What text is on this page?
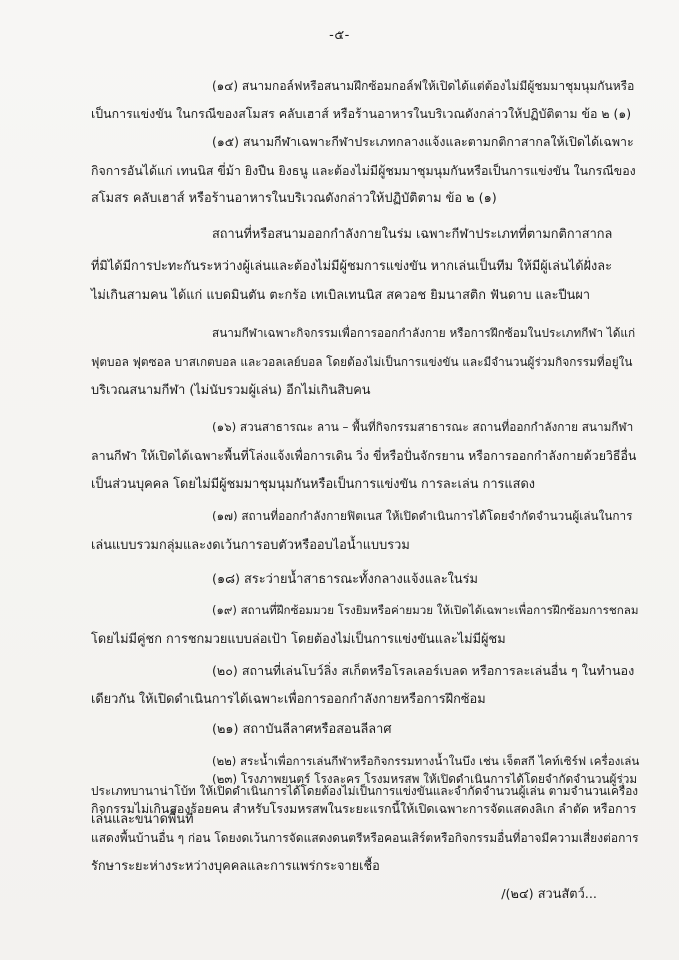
-๕-
(๑๔) สนามกอล์ฟหรือสนามฝึกซ้อมกอล์ฟให้เปิดได้แต่ต้องไม่มีผู้ชมมาชุมนุมกันหรือ
เป็นการแข่งขัน ในกรณีของสโมสร คลับเฮาส์ หรือร้านอาหารในบริเวณดังกล่าวให้ปฏิบัติตาม ข้อ ๒ (๑)
(๑๕) สนามกีฬาเฉพาะกีฬาประเภทกลางแจ้งและตามกติกาสากลให้เปิดได้เฉพาะ
กิจการอันได้แก่ เทนนิส ขี่ม้า ยิงปืน ยิงธนู และต้องไม่มีผู้ชมมาชุมนุมกันหรือเป็นการแข่งขัน ในกรณีของ
สโมสร คลับเฮาส์ หรือร้านอาหารในบริเวณดังกล่าวให้ปฏิบัติตาม ข้อ ๒ (๑)
สถานที่หรือสนามออกกำลังกายในร่ม เฉพาะกีฬาประเภทที่ตามกติกาสากล
ที่มิได้มีการปะทะกันระหว่างผู้เล่นและต้องไม่มีผู้ชมการแข่งขัน หากเล่นเป็นทีม ให้มีผู้เล่นได้ฝั่งละ
ไม่เกินสามคน ได้แก่ แบดมินตัน ตะกร้อ เทเบิลเทนนิส สควอช ยิมนาสติก ฟันดาบ และปีนผา
สนามกีฬาเฉพาะกิจกรรมเพื่อการออกกำลังกาย หรือการฝึกซ้อมในประเภทกีฬา ได้แก่
ฟุตบอล ฟุตซอล บาสเกตบอล และวอลเลย์บอล โดยต้องไม่เป็นการแข่งขัน และมีจำนวนผู้ร่วมกิจกรรมที่อยู่ใน
บริเวณสนามกีฬา (ไม่นับรวมผู้เล่น) อีกไม่เกินสิบคน
(๑๖) สวนสาธารณะ ลาน – พื้นที่กิจกรรมสาธารณะ สถานที่ออกกำลังกาย สนามกีฬา
ลานกีฬา ให้เปิดได้เฉพาะพื้นที่โล่งแจ้งเพื่อการเดิน วิ่ง ขี่หรือปั่นจักรยาน หรือการออกกำลังกายด้วยวิธีอื่น
เป็นส่วนบุคคล โดยไม่มีผู้ชมมาชุมนุมกันหรือเป็นการแข่งขัน การละเล่น การแสดง
(๑๗) สถานที่ออกกำลังกายฟิตเนส ให้เปิดดำเนินการได้โดยจำกัดจำนวนผู้เล่นในการ
เล่นแบบรวมกลุ่มและงดเว้นการอบตัวหรืออบไอน้ำแบบรวม
(๑๘) สระว่ายน้ำสาธารณะทั้งกลางแจ้งและในร่ม
(๑๙) สถานที่ฝึกซ้อมมวย โรงยิมหรือค่ายมวย ให้เปิดได้เฉพาะเพื่อการฝึกซ้อมการชกลม
โดยไม่มีคู่ชก การชกมวยแบบล่อเป้า โดยต้องไม่เป็นการแข่งขันและไม่มีผู้ชม
(๒๐) สถานที่เล่นโบว์ลิ่ง สเก็ตหรือโรลเลอร์เบลด หรือการละเล่นอื่น ๆ ในทำนอง
เดียวกัน ให้เปิดดำเนินการได้เฉพาะเพื่อการออกกำลังกายหรือการฝึกซ้อม
(๒๑) สถาบันลีลาศหรือสอนลีลาศ
(๒๒) สระน้ำเพื่อการเล่นกีฬาหรือกิจกรรมทางน้ำในบึง เช่น เจ็ตสกี ไคท์เซิร์ฟ เครื่องเล่น
ประเภทบานาน่าโบ้ท ให้เปิดดำเนินการได้โดยต้องไม่เป็นการแข่งขันและจำกัดจำนวนผู้เล่น ตามจำนวนเครื่อง
เล่นและขนาดพื้นที่
(๒๓) โรงภาพยนตร์ โรงละคร โรงมหรสพ ให้เปิดดำเนินการได้โดยจำกัดจำนวนผู้ร่วม
กิจกรรมไม่เกินสองร้อยคน สำหรับโรงมหรสพในระยะแรกนี้ให้เปิดเฉพาะการจัดแสดงลิเก ลำตัด หรือการ
แสดงพื้นบ้านอื่น ๆ ก่อน โดยงดเว้นการจัดแสดงดนตรีหรือคอนเสิร์ตหรือกิจกรรมอื่นที่อาจมีความเสี่ยงต่อการ
รักษาระยะห่างระหว่างบุคคลและการแพร่กระจายเชื้อ
/(๒๔) สวนสัตว์...
